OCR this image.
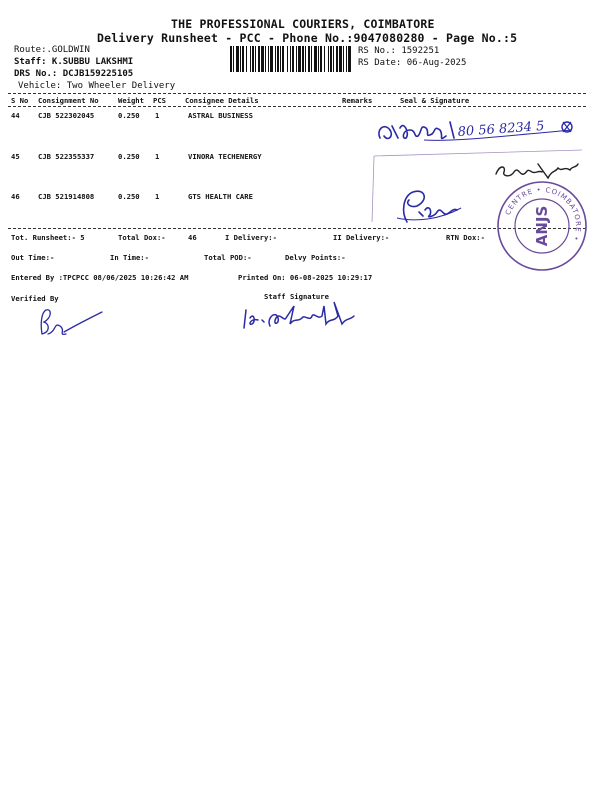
THE PROFESSIONAL COURIERS, COIMBATORE
Delivery Runsheet - PCC - Phone No.:9047080280 - Page No.:5
Route:.GOLDWIN
Staff: K.SUBBU LAKSHMI
DRS No.: DCJB159225105
Vehicle: Two Wheeler Delivery
RS No.: 1592251
RS Date: 06-Aug-2025
S No Consignment No	Weight PCS	Consignee Details	Remarks	Seal & Signature
44	CJB 522302045	0.250 1	ASTRAL BUSINESS
45	CJB 522355337	0.250 1	VINORA TECHENERGY
46	CJB 521914808	0.250 1	GTS HEALTH CARE
Tot. Runsheet:- 5	Total Dox:-	46	I Delivery:-	II Delivery:-	RTN Dox:-
Out Time:-	In Time:-	Total POD:-	Delvy Points:-
Entered By :TPCPCC 08/06/2025 10:26:42 AM	Printed On: 06-08-2025 10:29:17
Verified By	Staff Signature
80 56 8234 5
CENTRE • COIMBATORE •
ANJS
